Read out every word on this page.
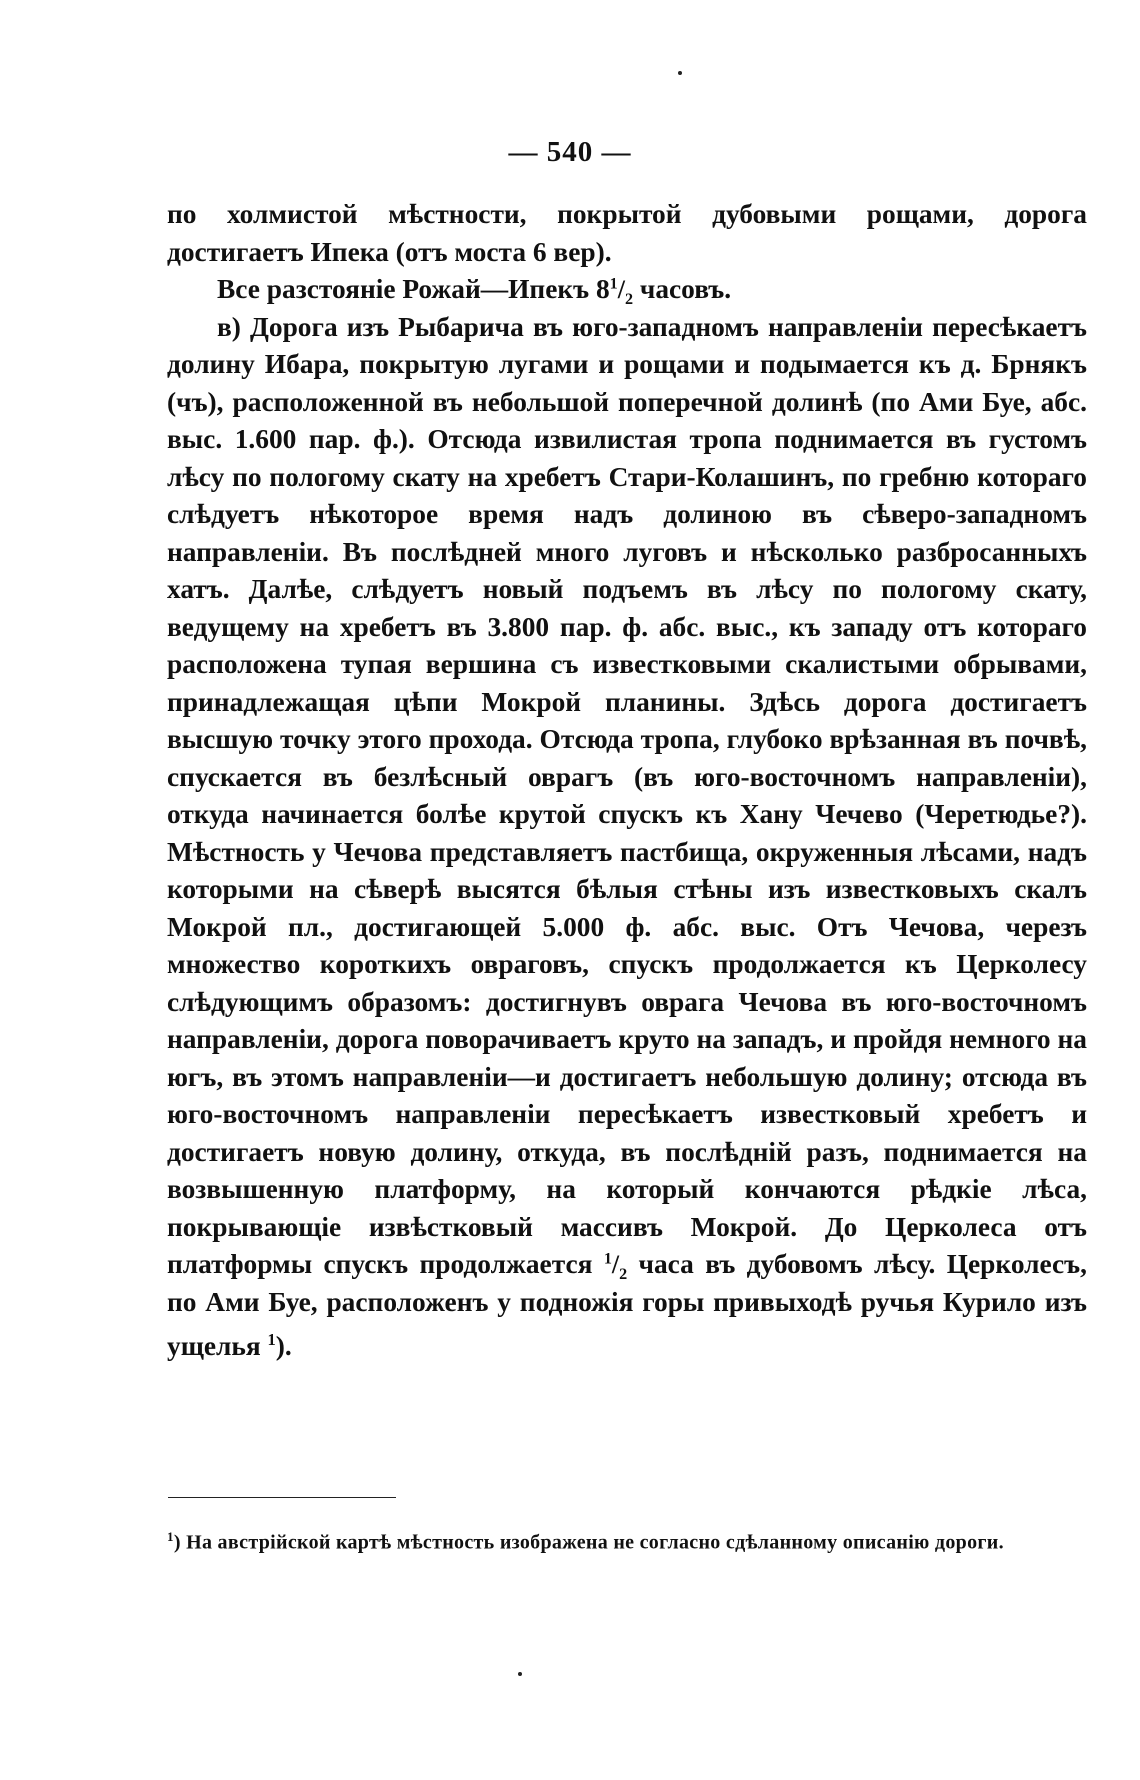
— 540 —

по холмистой мѣстности, покрытой дубовыми рощами, дорога достигаетъ Ипека (отъ моста 6 вер).

Все разстояніе Рожай—Ипекъ $8^1/_2$ часовъ.

в) Дорога изъ Рыбарича въ юго-западномъ направленіи пересѣкаетъ долину Ибара, покрытую лугами и рощами и подымается къ д. Брнякъ (чъ), расположенной въ небольшой поперечной долинѣ (по Ами Буе, абс. выс. 1.600 пар. ф.). Отсюда извилистая тропа поднимается въ густомъ лѣсу по пологому скату на хребетъ Стари-Колашинъ, по гребню котораго слѣдуетъ нѣкоторое время надъ долиною въ сѣверо-западномъ направленіи. Въ послѣдней много луговъ и нѣсколько разбросанныхъ хатъ. Далѣе, слѣдуетъ новый подъемъ въ лѣсу по пологому скату, ведущему на хребетъ въ 3.800 пар. ф. абс. выс., къ западу отъ котораго расположена тупая вершина съ известковыми скалистыми обрывами, принадлежащая цѣпи Мокрой планины. Здѣсь дорога достигаетъ высшую точку этого прохода. Отсюда тропа, глубоко врѣзанная въ почвѣ, спускается въ безлѣсный оврагъ (въ юго-восточномъ направленіи), откуда начинается болѣе крутой спускъ къ Хану Чечево (Черетюдье?). Мѣстность у Чечова представляетъ пастбища, окруженныя лѣсами, надъ которыми на сѣверѣ высятся бѣлыя стѣны изъ известковыхъ скалъ Мокрой пл., достигающей 5.000 ф. абс. выс. Отъ Чечова, черезъ множество короткихъ овраговъ, спускъ продолжается къ Церколесу слѣдующимъ образомъ: достигнувъ оврага Чечова въ юго-восточномъ направленіи, дорога поворачиваетъ круто на западъ, и пройдя немного на югъ, въ этомъ направленіи—и достигаетъ небольшую долину; отсюда въ юго-восточномъ направленіи пересѣкаетъ известковый хребетъ и достигаетъ новую долину, откуда, въ послѣдній разъ, поднимается на возвышенную платформу, на который кончаются рѣдкіе лѣса, покрывающіе извѣстковый массивъ Мокрой. До Церколеса отъ платформы спускъ продолжается $^1/_2$ часа въ дубовомъ лѣсу. Церколесъ, по Ами Буе, расположенъ у подножія горы привыходѣ ручья Курило изъ ущелья $^1$).

$^1$) На австрійской картѣ мѣстность изображена не согласно сдѣланному описанію дороги.
